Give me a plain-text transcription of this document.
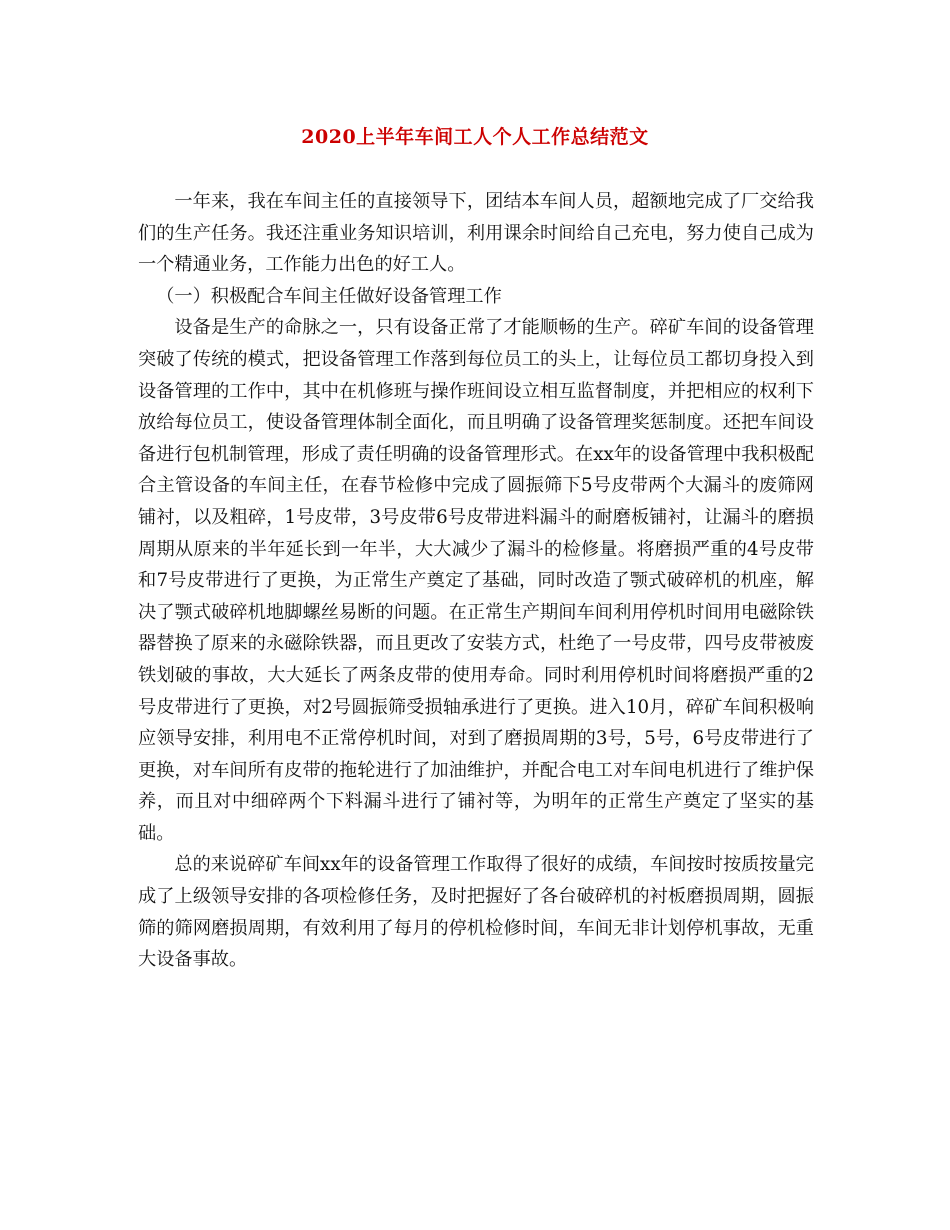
2020上半年车间工人个人工作总结范文

一年来，我在车间主任的直接领导下，团结本车间人员，超额地完成了厂交给我们的生产任务。我还注重业务知识培训，利用课余时间给自己充电，努力使自己成为一个精通业务，工作能力出色的好工人。

（一）积极配合车间主任做好设备管理工作

设备是生产的命脉之一，只有设备正常了才能顺畅的生产。碎矿车间的设备管理突破了传统的模式，把设备管理工作落到每位员工的头上，让每位员工都切身投入到设备管理的工作中，其中在机修班与操作班间设立相互监督制度，并把相应的权利下放给每位员工，使设备管理体制全面化，而且明确了设备管理奖惩制度。还把车间设备进行包机制管理，形成了责任明确的设备管理形式。在xx年的设备管理中我积极配合主管设备的车间主任，在春节检修中完成了圆振筛下5号皮带两个大漏斗的废筛网铺衬，以及粗碎，1号皮带，3号皮带6号皮带进料漏斗的耐磨板铺衬，让漏斗的磨损周期从原来的半年延长到一年半，大大减少了漏斗的检修量。将磨损严重的4号皮带和7号皮带进行了更换，为正常生产奠定了基础，同时改造了颚式破碎机的机座，解决了颚式破碎机地脚螺丝易断的问题。在正常生产期间车间利用停机时间用电磁除铁器替换了原来的永磁除铁器，而且更改了安装方式，杜绝了一号皮带，四号皮带被废铁划破的事故，大大延长了两条皮带的使用寿命。同时利用停机时间将磨损严重的2号皮带进行了更换，对2号圆振筛受损轴承进行了更换。进入10月，碎矿车间积极响应领导安排，利用电不正常停机时间，对到了磨损周期的3号，5号，6号皮带进行了更换，对车间所有皮带的拖轮进行了加油维护，并配合电工对车间电机进行了维护保养，而且对中细碎两个下料漏斗进行了铺衬等，为明年的正常生产奠定了坚实的基础。

总的来说碎矿车间xx年的设备管理工作取得了很好的成绩，车间按时按质按量完成了上级领导安排的各项检修任务，及时把握好了各台破碎机的衬板磨损周期，圆振筛的筛网磨损周期，有效利用了每月的停机检修时间，车间无非计划停机事故，无重大设备事故。
